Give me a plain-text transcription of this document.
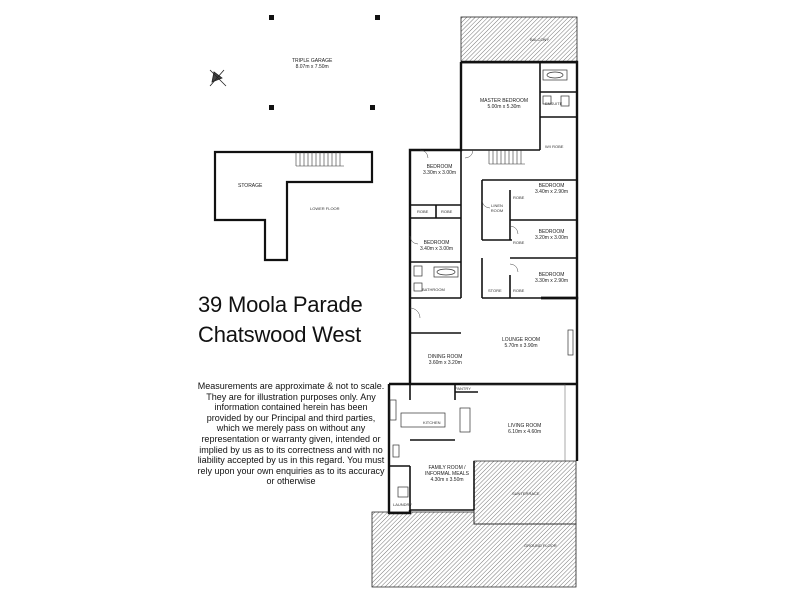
TRIPLE GARAGE
8.07m x 7.50m
STORAGE
LOWER FLOOR
BALCONY
MASTER BEDROOM
5.00m x 5.30m
ENSUITE
W/I ROBE
BEDROOM
3.30m x 3.00m
ROBE	ROBE
BEDROOM
3.40m x 3.00m
BATHROOM
LINEN ROOM
ROBE
BEDROOM
3.40m x 2.90m
ROBE
BEDROOM
3.20m x 3.00m
BEDROOM
3.30m x 2.90m
STORE	ROBE
LOUNGE ROOM
5.70m x 3.90m
DINING ROOM
3.60m x 3.20m
PANTRY
KITCHEN
LIVING ROOM
6.10m x 4.60m
FAMILY ROOM /
INFORMAL MEALS
4.30m x 3.50m
LAUNDRY
SUNTERRACE
GROUND FLOOR
39 Moola Parade
Chatswood West
Measurements are approximate & not to scale. They are for illustration purposes only. Any information contained herein has been provided by our Principal and third parties, which we merely pass on without any representation or warranty given, intended or implied by us as to its correctness and with no liability accepted by us in this regard. You must rely upon your own enquiries as to its accuracy or otherwise
